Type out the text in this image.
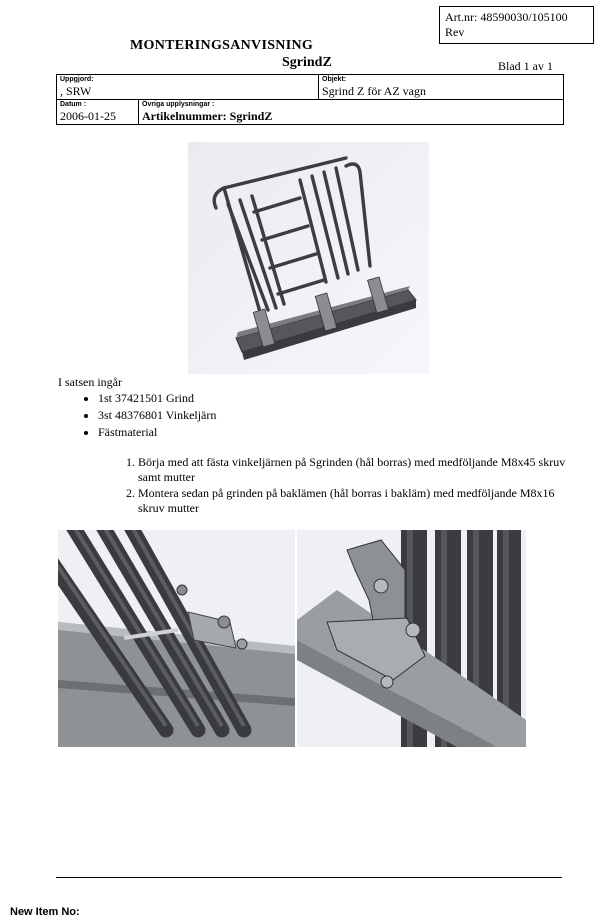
Art.nr: 48590030/105100
Rev
MONTERINGSANVISNING
SgrindZ	Blad 1 av 1
Uppgjord:
, SRW

Objekt:
Sgrind Z för AZ vagn

Datum :
2006-01-25

Övriga upplysningar :
Artikelnummer: SgrindZ
I satsen ingår
• 1st 37421501 Grind
• 3st 48376801 Vinkeljärn
• Fästmaterial
1. Börja med att fästa vinkeljärnen på Sgrinden (hål borras) med medföljande M8x45 skruv samt mutter
2. Montera sedan på grinden på baklämen (hål borras i bakläm) med medföljande M8x16 skruv mutter
New Item No:
